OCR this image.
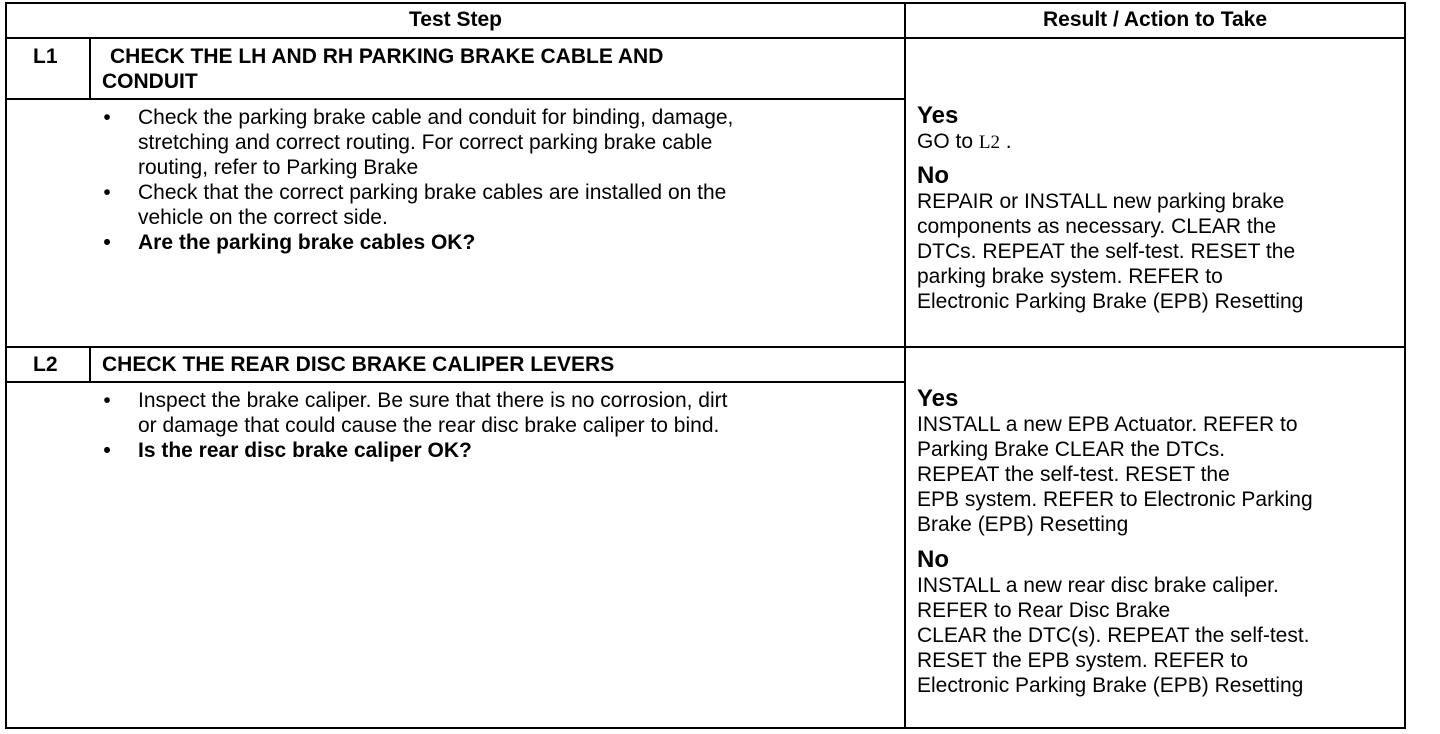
Test Step	Result / Action to Take
L1	CHECK THE LH AND RH PARKING BRAKE CABLE AND
CONDUIT
• Check the parking brake cable and conduit for binding, damage,
stretching and correct routing. For correct parking brake cable
routing, refer to Parking Brake
• Check that the correct parking brake cables are installed on the
vehicle on the correct side.
• Are the parking brake cables OK?
Yes
GO to L2 .
No
REPAIR or INSTALL new parking brake
components as necessary. CLEAR the
DTCs. REPEAT the self-test. RESET the
parking brake system. REFER to
Electronic Parking Brake (EPB) Resetting
L2 CHECK THE REAR DISC BRAKE CALIPER LEVERS
• Inspect the brake caliper. Be sure that there is no corrosion, dirt
or damage that could cause the rear disc brake caliper to bind.
• Is the rear disc brake caliper OK?
Yes
INSTALL a new EPB Actuator. REFER to
Parking Brake CLEAR the DTCs.
REPEAT the self-test. RESET the
EPB system. REFER to Electronic Parking
Brake (EPB) Resetting
No
INSTALL a new rear disc brake caliper.
REFER to Rear Disc Brake
CLEAR the DTC(s). REPEAT the self-test.
RESET the EPB system. REFER to
Electronic Parking Brake (EPB) Resetting
